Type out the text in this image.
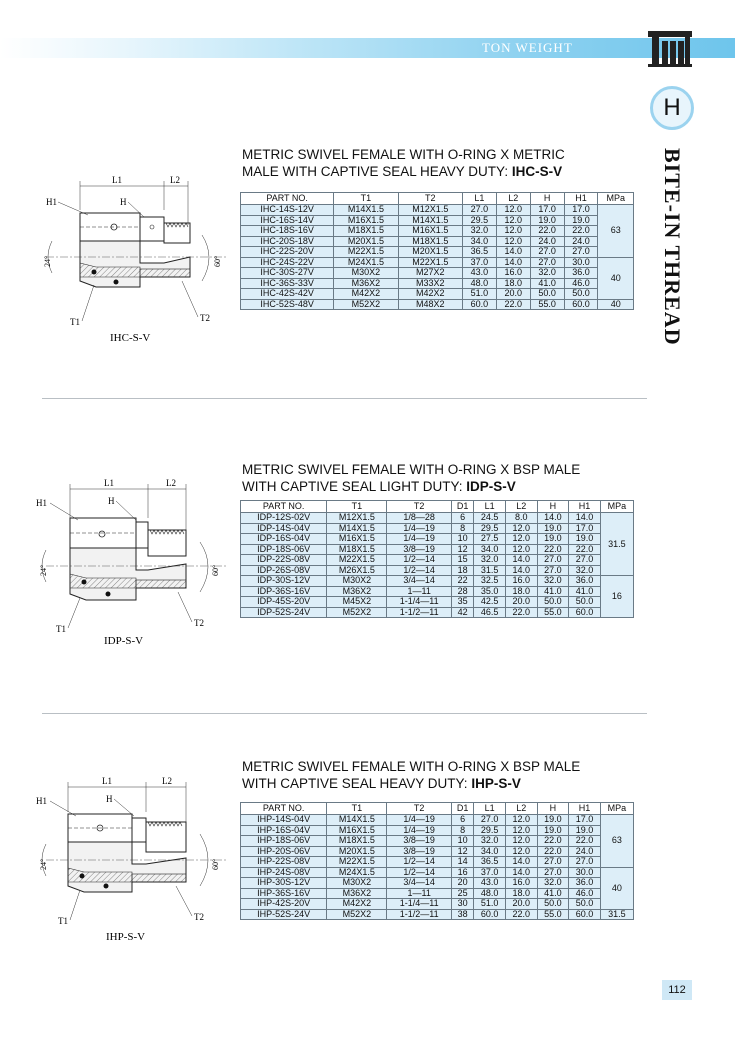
TON WEIGHT
H
BITE-IN THREAD
METRIC SWIVEL FEMALE WITH O-RING X METRIC
MALE WITH CAPTIVE SEAL HEAVY DUTY: IHC-S-V
L1	L2
H1	H
24°	60°
T1	T2
IHC-S-V
PART NO.	T1	T2	L1	L2	H	H1	MPa
IHC-14S-12V	M14X1.5	M12X1.5	27.0	12.0	17.0	17.0	63
IHC-16S-14V	M16X1.5	M14X1.5	29.5	12.0	19.0	19.0	
IHC-18S-16V	M18X1.5	M16X1.5	32.0	12.0	22.0	22.0	
IHC-20S-18V	M20X1.5	M18X1.5	34.0	12.0	24.0	24.0	
IHC-22S-20V	M22X1.5	M20X1.5	36.5	14.0	27.0	27.0	
IHC-24S-22V	M24X1.5	M22X1.5	37.0	14.0	27.0	30.0	40
IHC-30S-27V	M30X2	M27X2	43.0	16.0	32.0	36.0	
IHC-36S-33V	M36X2	M33X2	48.0	18.0	41.0	46.0	
IHC-42S-42V	M42X2	M42X2	51.0	20.0	50.0	50.0	
IHC-52S-48V	M52X2	M48X2	60.0	22.0	55.0	60.0	40
METRIC SWIVEL FEMALE WITH O-RING X BSP MALE
WITH CAPTIVE SEAL LIGHT DUTY: IDP-S-V
L1	L2
H1	H
24°	60°
T1
T2
IDP-S-V
PART NO.	T1	T2	D1	L1	L2	H	H1	MPa
IDP-12S-02V	M12X1.5	1/8—28	6	24.5	8.0	14.0	14.0	31.5
IDP-14S-04V	M14X1.5	1/4—19	8	29.5	12.0	19.0	17.0	
IDP-16S-04V	M16X1.5	1/4—19	10	27.5	12.0	19.0	19.0	
IDP-18S-06V	M18X1.5	3/8—19	12	34.0	12.0	22.0	22.0	
IDP-22S-08V	M22X1.5	1/2—14	15	32.0	14.0	27.0	27.0	
IDP-26S-08V	M26X1.5	1/2—14	18	31.5	14.0	27.0	32.0	
IDP-30S-12V	M30X2	3/4—14	22	32.5	16.0	32.0	36.0	16
IDP-36S-16V	M36X2	1—11	28	35.0	18.0	41.0	41.0	
IDP-45S-20V	M45X2	1-1/4—11	35	42.5	20.0	50.0	50.0	
IDP-52S-24V	M52X2	1-1/2—11	42	46.5	22.0	55.0	60.0	
METRIC SWIVEL FEMALE WITH O-RING X BSP MALE
WITH CAPTIVE SEAL HEAVY DUTY: IHP-S-V
L1	L2
H1	H
24°	60°
T1	T2
IHP-S-V
PART NO.	T1	T2	D1	L1	L2	H	H1	MPa
IHP-14S-04V	M14X1.5	1/4—19	6	27.0	12.0	19.0	17.0	63
IHP-16S-04V	M16X1.5	1/4—19	8	29.5	12.0	19.0	19.0	
IHP-18S-06V	M18X1.5	3/8—19	10	32.0	12.0	22.0	22.0	
IHP-20S-06V	M20X1.5	3/8—19	12	34.0	12.0	22.0	24.0	
IHP-22S-08V	M22X1.5	1/2—14	14	36.5	14.0	27.0	27.0	
IHP-24S-08V	M24X1.5	1/2—14	16	37.0	14.0	27.0	30.0	40
IHP-30S-12V	M30X2	3/4—14	20	43.0	16.0	32.0	36.0	
IHP-36S-16V	M36X2	1—11	25	48.0	18.0	41.0	46.0	
IHP-42S-20V	M42X2	1-1/4—11	30	51.0	20.0	50.0	50.0	
IHP-52S-24V	M52X2	1-1/2—11	38	60.0	22.0	55.0	60.0	31.5
112
